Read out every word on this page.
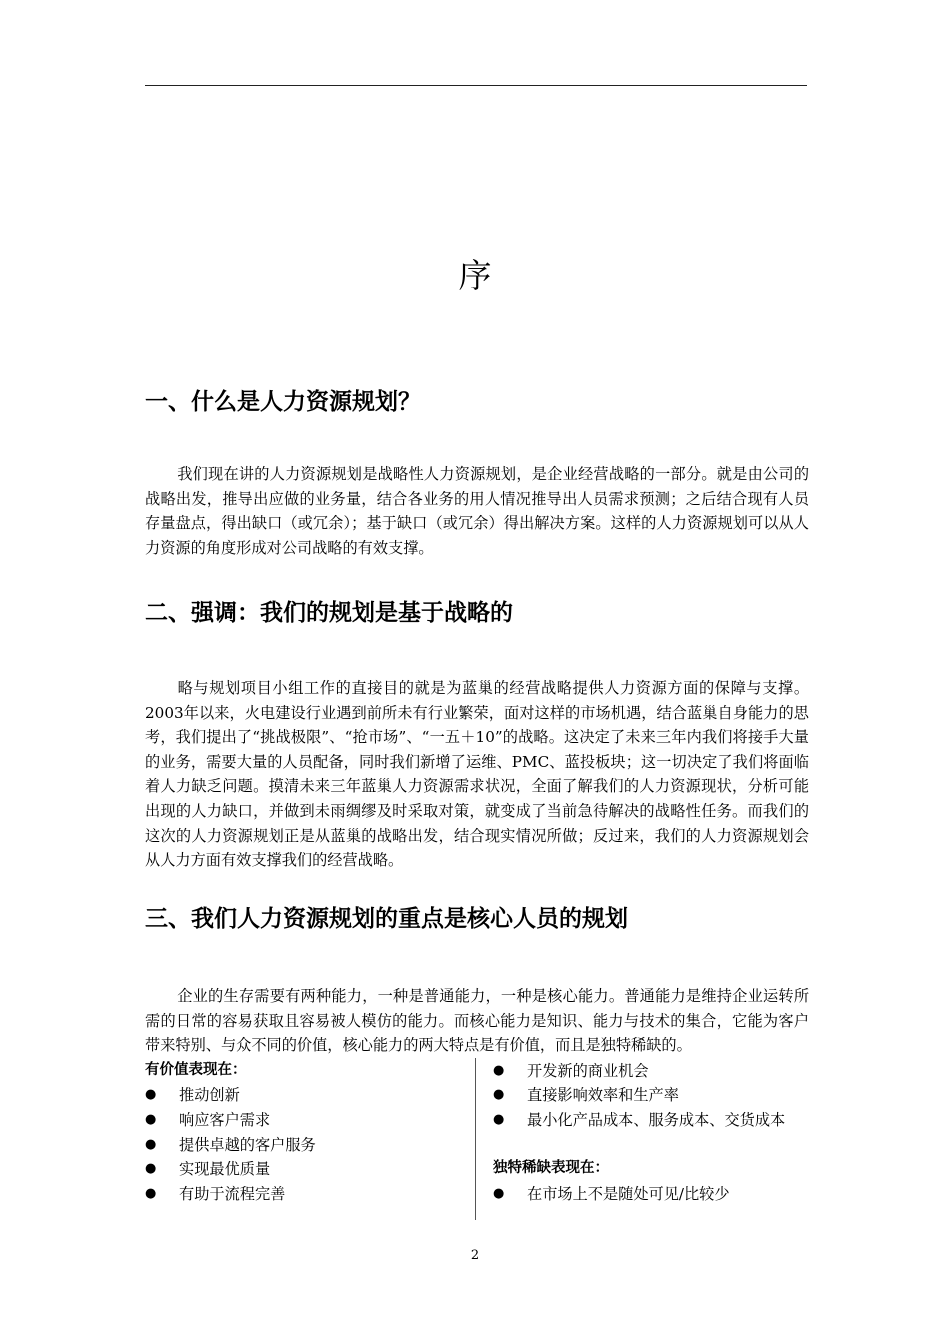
序
一、什么是人力资源规划？

我们现在讲的人力资源规划是战略性人力资源规划，是企业经营战略的一部分。就是由公司的战略出发，推导出应做的业务量，结合各业务的用人情况推导出人员需求预测；之后结合现有人员存量盘点，得出缺口（或冗余）；基于缺口（或冗余）得出解决方案。这样的人力资源规划可以从人力资源的角度形成对公司战略的有效支撑。

二、强调：我们的规划是基于战略的

略与规划项目小组工作的直接目的就是为蓝巢的经营战略提供人力资源方面的保障与支撑。2003年以来，火电建设行业遇到前所未有行业繁荣，面对这样的市场机遇，结合蓝巢自身能力的思考，我们提出了“挑战极限”、“抢市场”、“一五＋10”的战略。这决定了未来三年内我们将接手大量的业务，需要大量的人员配备，同时我们新增了运维、PMC、蓝投板块；这一切决定了我们将面临着人力缺乏问题。摸清未来三年蓝巢人力资源需求状况，全面了解我们的人力资源现状，分析可能出现的人力缺口，并做到未雨绸缪及时采取对策，就变成了当前急待解决的战略性任务。而我们的这次的人力资源规划正是从蓝巢的战略出发，结合现实情况所做；反过来，我们的人力资源规划会从人力方面有效支撑我们的经营战略。

三、我们人力资源规划的重点是核心人员的规划

企业的生存需要有两种能力，一种是普通能力，一种是核心能力。普通能力是维持企业运转所需的日常的容易获取且容易被人模仿的能力。而核心能力是知识、能力与技术的集合，它能为客户带来特别、与众不同的价值，核心能力的两大特点是有价值，而且是独特稀缺的。

有价值表现在：
●	推动创新
●	响应客户需求
●	提供卓越的客户服务
●	实现最优质量
●	有助于流程完善
●	开发新的商业机会
●	直接影响效率和生产率
●	最小化产品成本、服务成本、交货成本
独特稀缺表现在：
●	在市场上不是随处可见/比较少
2
